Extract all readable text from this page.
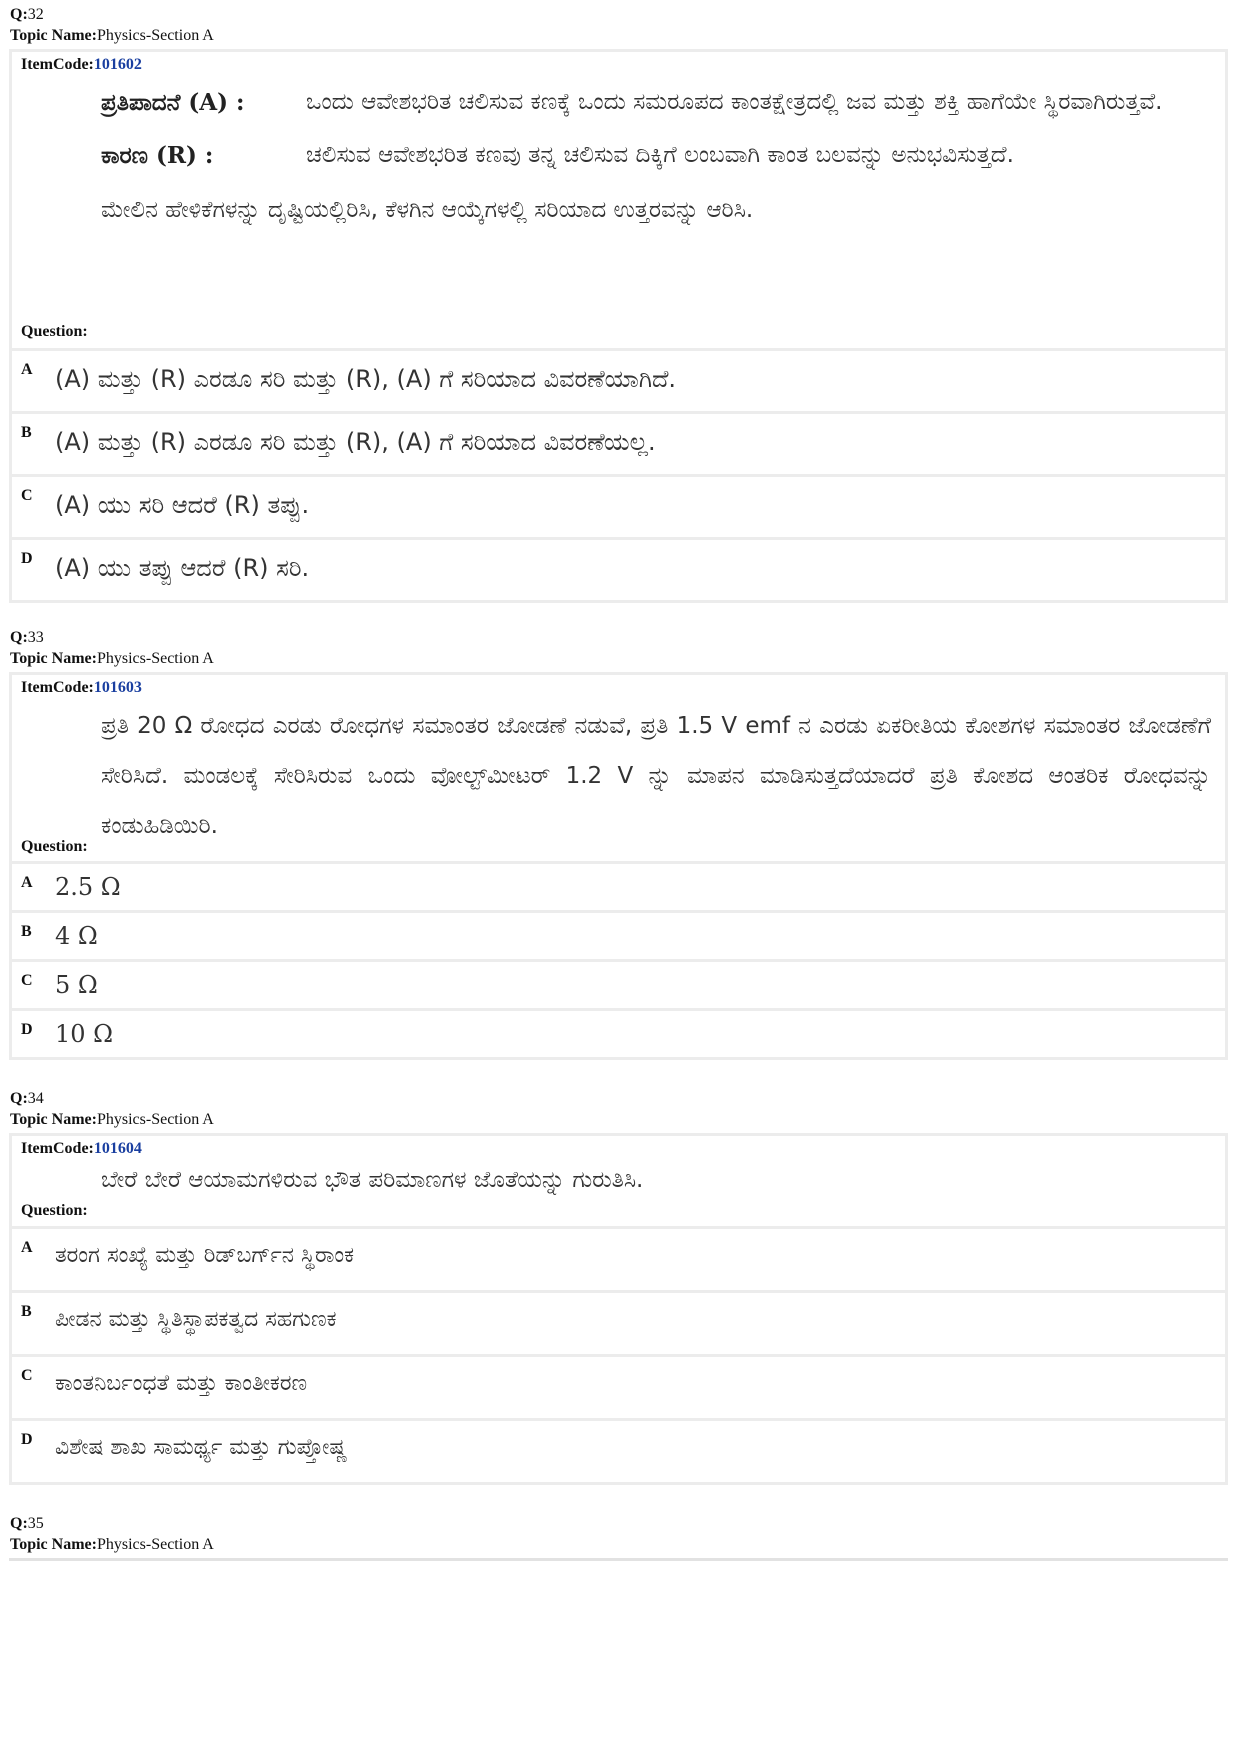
Q:32
Topic Name:Physics-Section A
ItemCode:101602
ಪ್ರತಿಪಾದನೆ (A) :	ಒಂದು ಆವೇಶಭರಿತ ಚಲಿಸುವ ಕಣಕ್ಕೆ ಒಂದು ಸಮರೂಪದ ಕಾಂತಕ್ಷೇತ್ರದಲ್ಲಿ ಜವ ಮತ್ತು ಶಕ್ತಿ ಹಾಗೆಯೇ ಸ್ಥಿರವಾಗಿರುತ್ತವೆ.
ಕಾರಣ (R) :	ಚಲಿಸುವ ಆವೇಶಭರಿತ ಕಣವು ತನ್ನ ಚಲಿಸುವ ದಿಕ್ಕಿಗೆ ಲಂಬವಾಗಿ ಕಾಂತ ಬಲವನ್ನು ಅನುಭವಿಸುತ್ತದೆ.
ಮೇಲಿನ ಹೇಳಿಕೆಗಳನ್ನು ದೃಷ್ಟಿಯಲ್ಲಿರಿಸಿ, ಕೆಳಗಿನ ಆಯ್ಕೆಗಳಲ್ಲಿ ಸರಿಯಾದ ಉತ್ತರವನ್ನು ಆರಿಸಿ.
Question:
A (A) ಮತ್ತು (R) ಎರಡೂ ಸರಿ ಮತ್ತು (R), (A) ಗೆ ಸರಿಯಾದ ವಿವರಣೆಯಾಗಿದೆ.
B (A) ಮತ್ತು (R) ಎರಡೂ ಸರಿ ಮತ್ತು (R), (A) ಗೆ ಸರಿಯಾದ ವಿವರಣೆಯಲ್ಲ.
C (A) ಯು ಸರಿ ಆದರೆ (R) ತಪ್ಪು.
D (A) ಯು ತಪ್ಪು ಆದರೆ (R) ಸರಿ.
Q:33
Topic Name:Physics-Section A
ItemCode:101603
ಪ್ರತಿ 20 Ω ರೋಧದ ಎರಡು ರೋಧಗಳ ಸಮಾಂತರ ಜೋಡಣೆ ನಡುವೆ, ಪ್ರತಿ 1.5 V emf ನ ಎರಡು ಏಕರೀತಿಯ ಕೋಶಗಳ ಸಮಾಂತರ ಜೋಡಣೆಗೆ ಸೇರಿಸಿದೆ. ಮಂಡಲಕ್ಕೆ ಸೇರಿಸಿರುವ ಒಂದು ವೋಲ್ಟ್‌ಮೀಟರ್ 1.2 V ನ್ನು ಮಾಪನ ಮಾಡಿಸುತ್ತದೆಯಾದರೆ ಪ್ರತಿ ಕೋಶದ ಆಂತರಿಕ ರೋಧವನ್ನು ಕಂಡುಹಿಡಿಯಿರಿ.
Question:
A 2.5 Ω
B 4 Ω
C 5 Ω
D 10 Ω
Q:34
Topic Name:Physics-Section A
ItemCode:101604
ಬೇರೆ ಬೇರೆ ಆಯಾಮಗಳಿರುವ ಭೌತ ಪರಿಮಾಣಗಳ ಜೊತೆಯನ್ನು ಗುರುತಿಸಿ.
Question:
A ತರಂಗ ಸಂಖ್ಯೆ ಮತ್ತು ರಿಡ್‌ಬರ್ಗ್‌ನ ಸ್ಥಿರಾಂಕ
B ಪೀಡನ ಮತ್ತು ಸ್ಥಿತಿಸ್ಥಾಪಕತ್ವದ ಸಹಗುಣಕ
C ಕಾಂತನಿರ್ಬಂಧತೆ ಮತ್ತು ಕಾಂತೀಕರಣ
D ವಿಶೇಷ ಶಾಖ ಸಾಮರ್ಥ್ಯ ಮತ್ತು ಗುಪ್ತೋಷ್ಣ
Q:35
Topic Name:Physics-Section A
